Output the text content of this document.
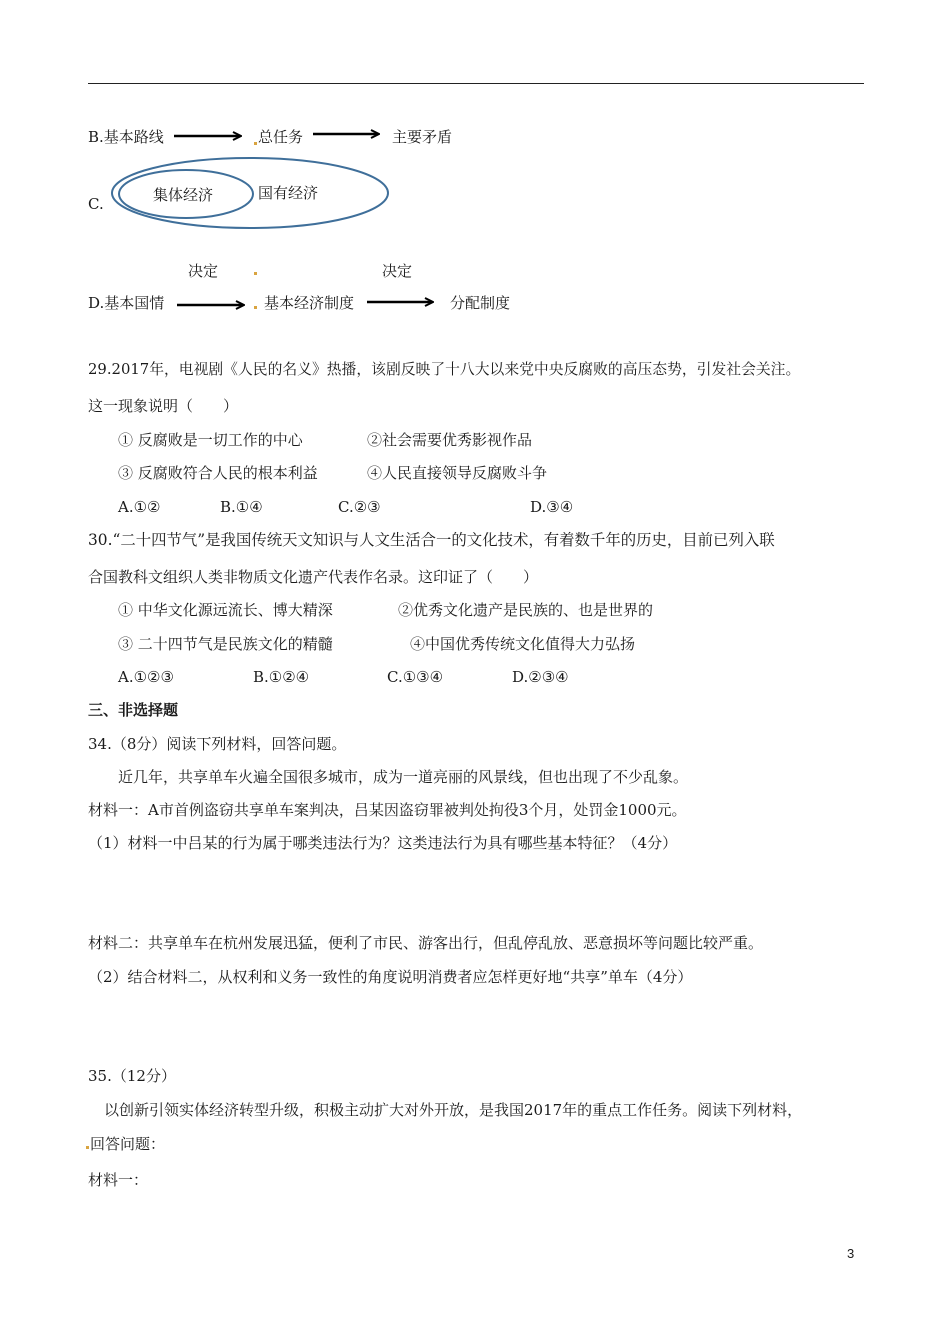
B.基本路线	总任务	主要矛盾
C.	集体经济	国有经济
决定	决定
D.基本国情	基本经济制度	分配制度
29.2017年，电视剧《人民的名义》热播，该剧反映了十八大以来党中央反腐败的高压态势，引发社会关注。
这一现象说明（　　）
① 反腐败是一切工作的中心	②社会需要优秀影视作品
③ 反腐败符合人民的根本利益	④人民直接领导反腐败斗争
A.①②	B.①④	C.②③	D.③④
30.“二十四节气”是我国传统天文知识与人文生活合一的文化技术，有着数千年的历史，目前已列入联
合国教科文组织人类非物质文化遗产代表作名录。这印证了（　　）
① 中华文化源远流长、博大精深	②优秀文化遗产是民族的、也是世界的
③ 二十四节气是民族文化的精髓	④中国优秀传统文化值得大力弘扬
A.①②③	B.①②④	C.①③④	D.②③④
三、非选择题
34.（8分）阅读下列材料，回答问题。
近几年，共享单车火遍全国很多城市，成为一道亮丽的风景线，但也出现了不少乱象。
材料一：A市首例盗窃共享单车案判决，吕某因盗窃罪被判处拘役3个月，处罚金1000元。
（1）材料一中吕某的行为属于哪类违法行为？这类违法行为具有哪些基本特征？（4分）
材料二：共享单车在杭州发展迅猛，便利了市民、游客出行，但乱停乱放、恶意损坏等问题比较严重。
（2）结合材料二，从权利和义务一致性的角度说明消费者应怎样更好地“共享”单车（4分）
35.（12分）
以创新引领实体经济转型升级，积极主动扩大对外开放，是我国2017年的重点工作任务。阅读下列材料，
回答问题：
材料一：
3
